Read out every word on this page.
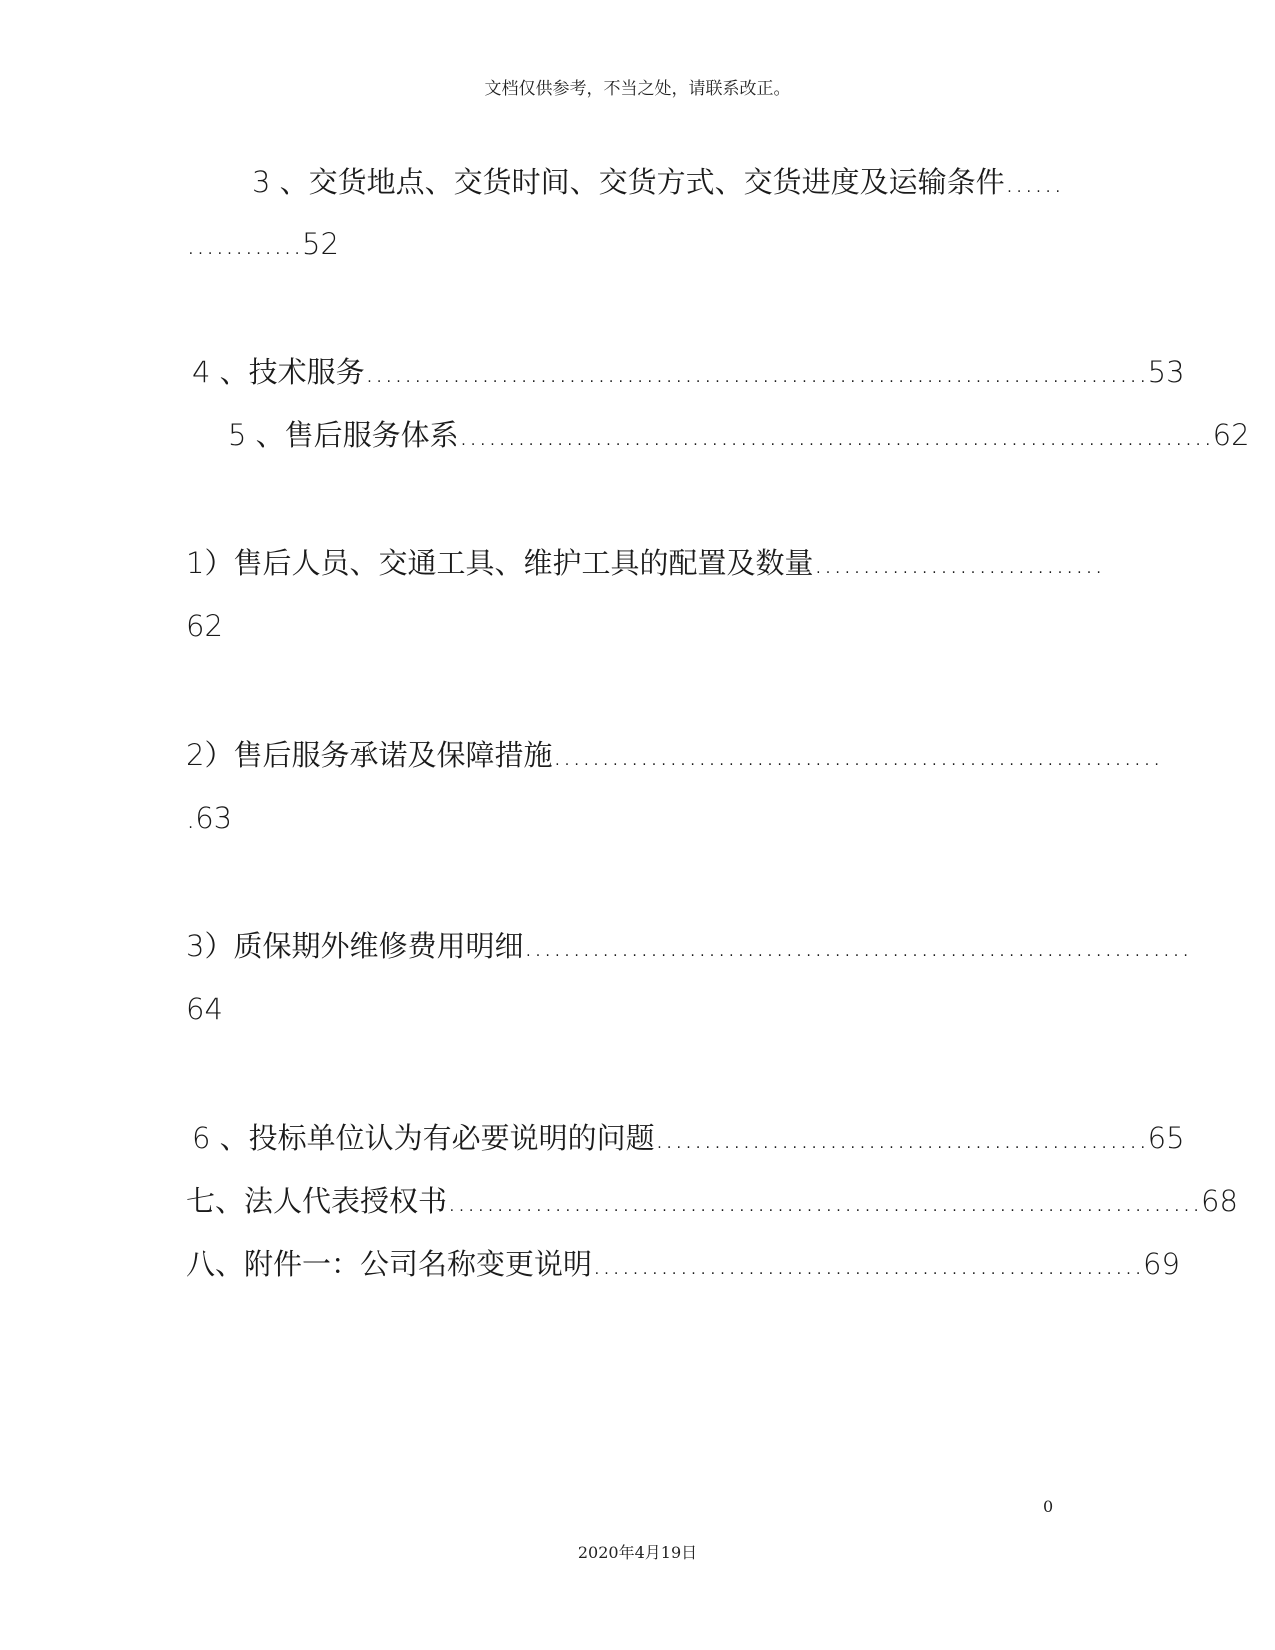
文档仅供参考，不当之处，请联系改正。
3 、交货地点、交货时间、交货方式、交货进度及运输条件……
…………52
4 、技术服务………………………………………………………………………53
5 、售后服务体系……………………………………………………………………62
1）售后人员、交通工具、维护工具的配置及数量…………………………
62
2）售后服务承诺及保障措施………………………………………………………
.63
3）质保期外维修费用明细……………………………………………………………
64
6 、投标单位认为有必要说明的问题……………………………………………65
七、法人代表授权书……………………………………………………………………68
八、附件一：公司名称变更说明…………………………………………………69
0
2020年4月19日
